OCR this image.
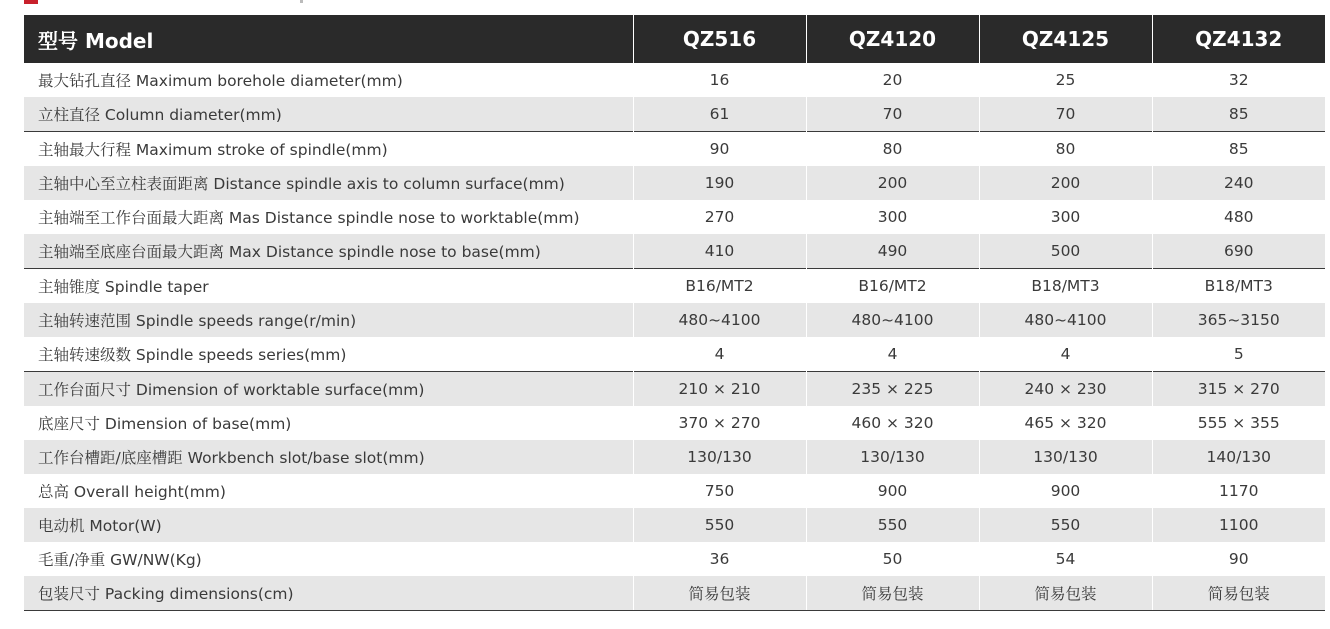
型号 Model	QZ516	QZ4120	QZ4125	QZ4132
最大钻孔直径 Maximum borehole diameter(mm)	16	20	25	32
立柱直径 Column diameter(mm)	61	70	70	85
主轴最大行程 Maximum stroke of spindle(mm)	90	80	80	85
主轴中心至立柱表面距离 Distance spindle axis to column surface(mm)	190	200	200	240
主轴端至工作台面最大距离 Mas Distance spindle nose to worktable(mm)	270	300	300	480
主轴端至底座台面最大距离 Max Distance spindle nose to base(mm)	410	490	500	690
主轴锥度 Spindle taper	B16/MT2	B16/MT2	B18/MT3	B18/MT3
主轴转速范围 Spindle speeds range(r/min)	480~4100	480~4100	480~4100	365~3150
主轴转速级数 Spindle speeds series(mm)	4	4	4	5
工作台面尺寸 Dimension of worktable surface(mm)	210 × 210	235 × 225	240 × 230	315 × 270
底座尺寸 Dimension of base(mm)	370 × 270	460 × 320	465 × 320	555 × 355
工作台槽距/底座槽距 Workbench slot/base slot(mm)	130/130	130/130	130/130	140/130
总高 Overall height(mm)	750	900	900	1170
电动机 Motor(W)	550	550	550	1100
毛重/净重 GW/NW(Kg)	36	50	54	90
包装尺寸 Packing dimensions(cm)	简易包装	简易包装	简易包装	简易包装
